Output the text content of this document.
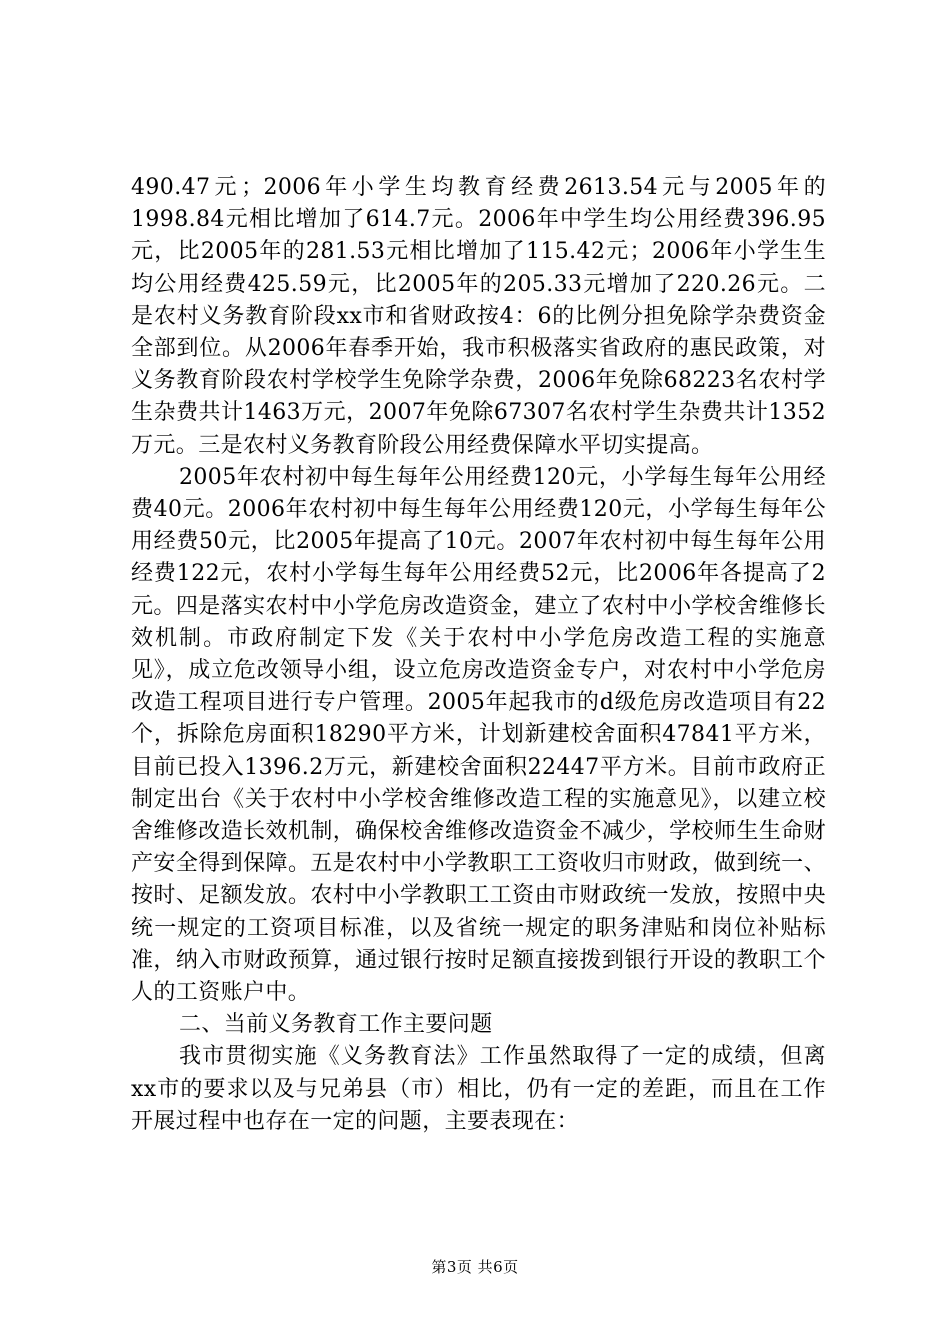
490.47元；2006年小学生均教育经费2613.54元与2005年的1998.84元相比增加了614.7元。2006年中学生均公用经费396.95元，比2005年的281.53元相比增加了115.42元；2006年小学生生均公用经费425.59元，比2005年的205.33元增加了220.26元。二是农村义务教育阶段xx市和省财政按4：6的比例分担免除学杂费资金全部到位。从2006年春季开始，我市积极落实省政府的惠民政策，对义务教育阶段农村学校学生免除学杂费，2006年免除68223名农村学生杂费共计1463万元，2007年免除67307名农村学生杂费共计1352万元。三是农村义务教育阶段公用经费保障水平切实提高。

2005年农村初中每生每年公用经费120元，小学每生每年公用经费40元。2006年农村初中每生每年公用经费120元，小学每生每年公用经费50元，比2005年提高了10元。2007年农村初中每生每年公用经费122元，农村小学每生每年公用经费52元，比2006年各提高了2元。四是落实农村中小学危房改造资金，建立了农村中小学校舍维修长效机制。市政府制定下发《关于农村中小学危房改造工程的实施意见》，成立危改领导小组，设立危房改造资金专户，对农村中小学危房改造工程项目进行专户管理。2005年起我市的d级危房改造项目有22个，拆除危房面积18290平方米，计划新建校舍面积47841平方米，目前已投入1396.2万元，新建校舍面积22447平方米。目前市政府正制定出台《关于农村中小学校舍维修改造工程的实施意见》，以建立校舍维修改造长效机制，确保校舍维修改造资金不减少，学校师生生命财产安全得到保障。五是农村中小学教职工工资收归市财政，做到统一、按时、足额发放。农村中小学教职工工资由市财政统一发放，按照中央统一规定的工资项目标准，以及省统一规定的职务津贴和岗位补贴标准，纳入市财政预算，通过银行按时足额直接拨到银行开设的教职工个人的工资账户中。

二、当前义务教育工作主要问题

我市贯彻实施《义务教育法》工作虽然取得了一定的成绩，但离xx市的要求以及与兄弟县（市）相比，仍有一定的差距，而且在工作开展过程中也存在一定的问题，主要表现在：

第3页 共6页
